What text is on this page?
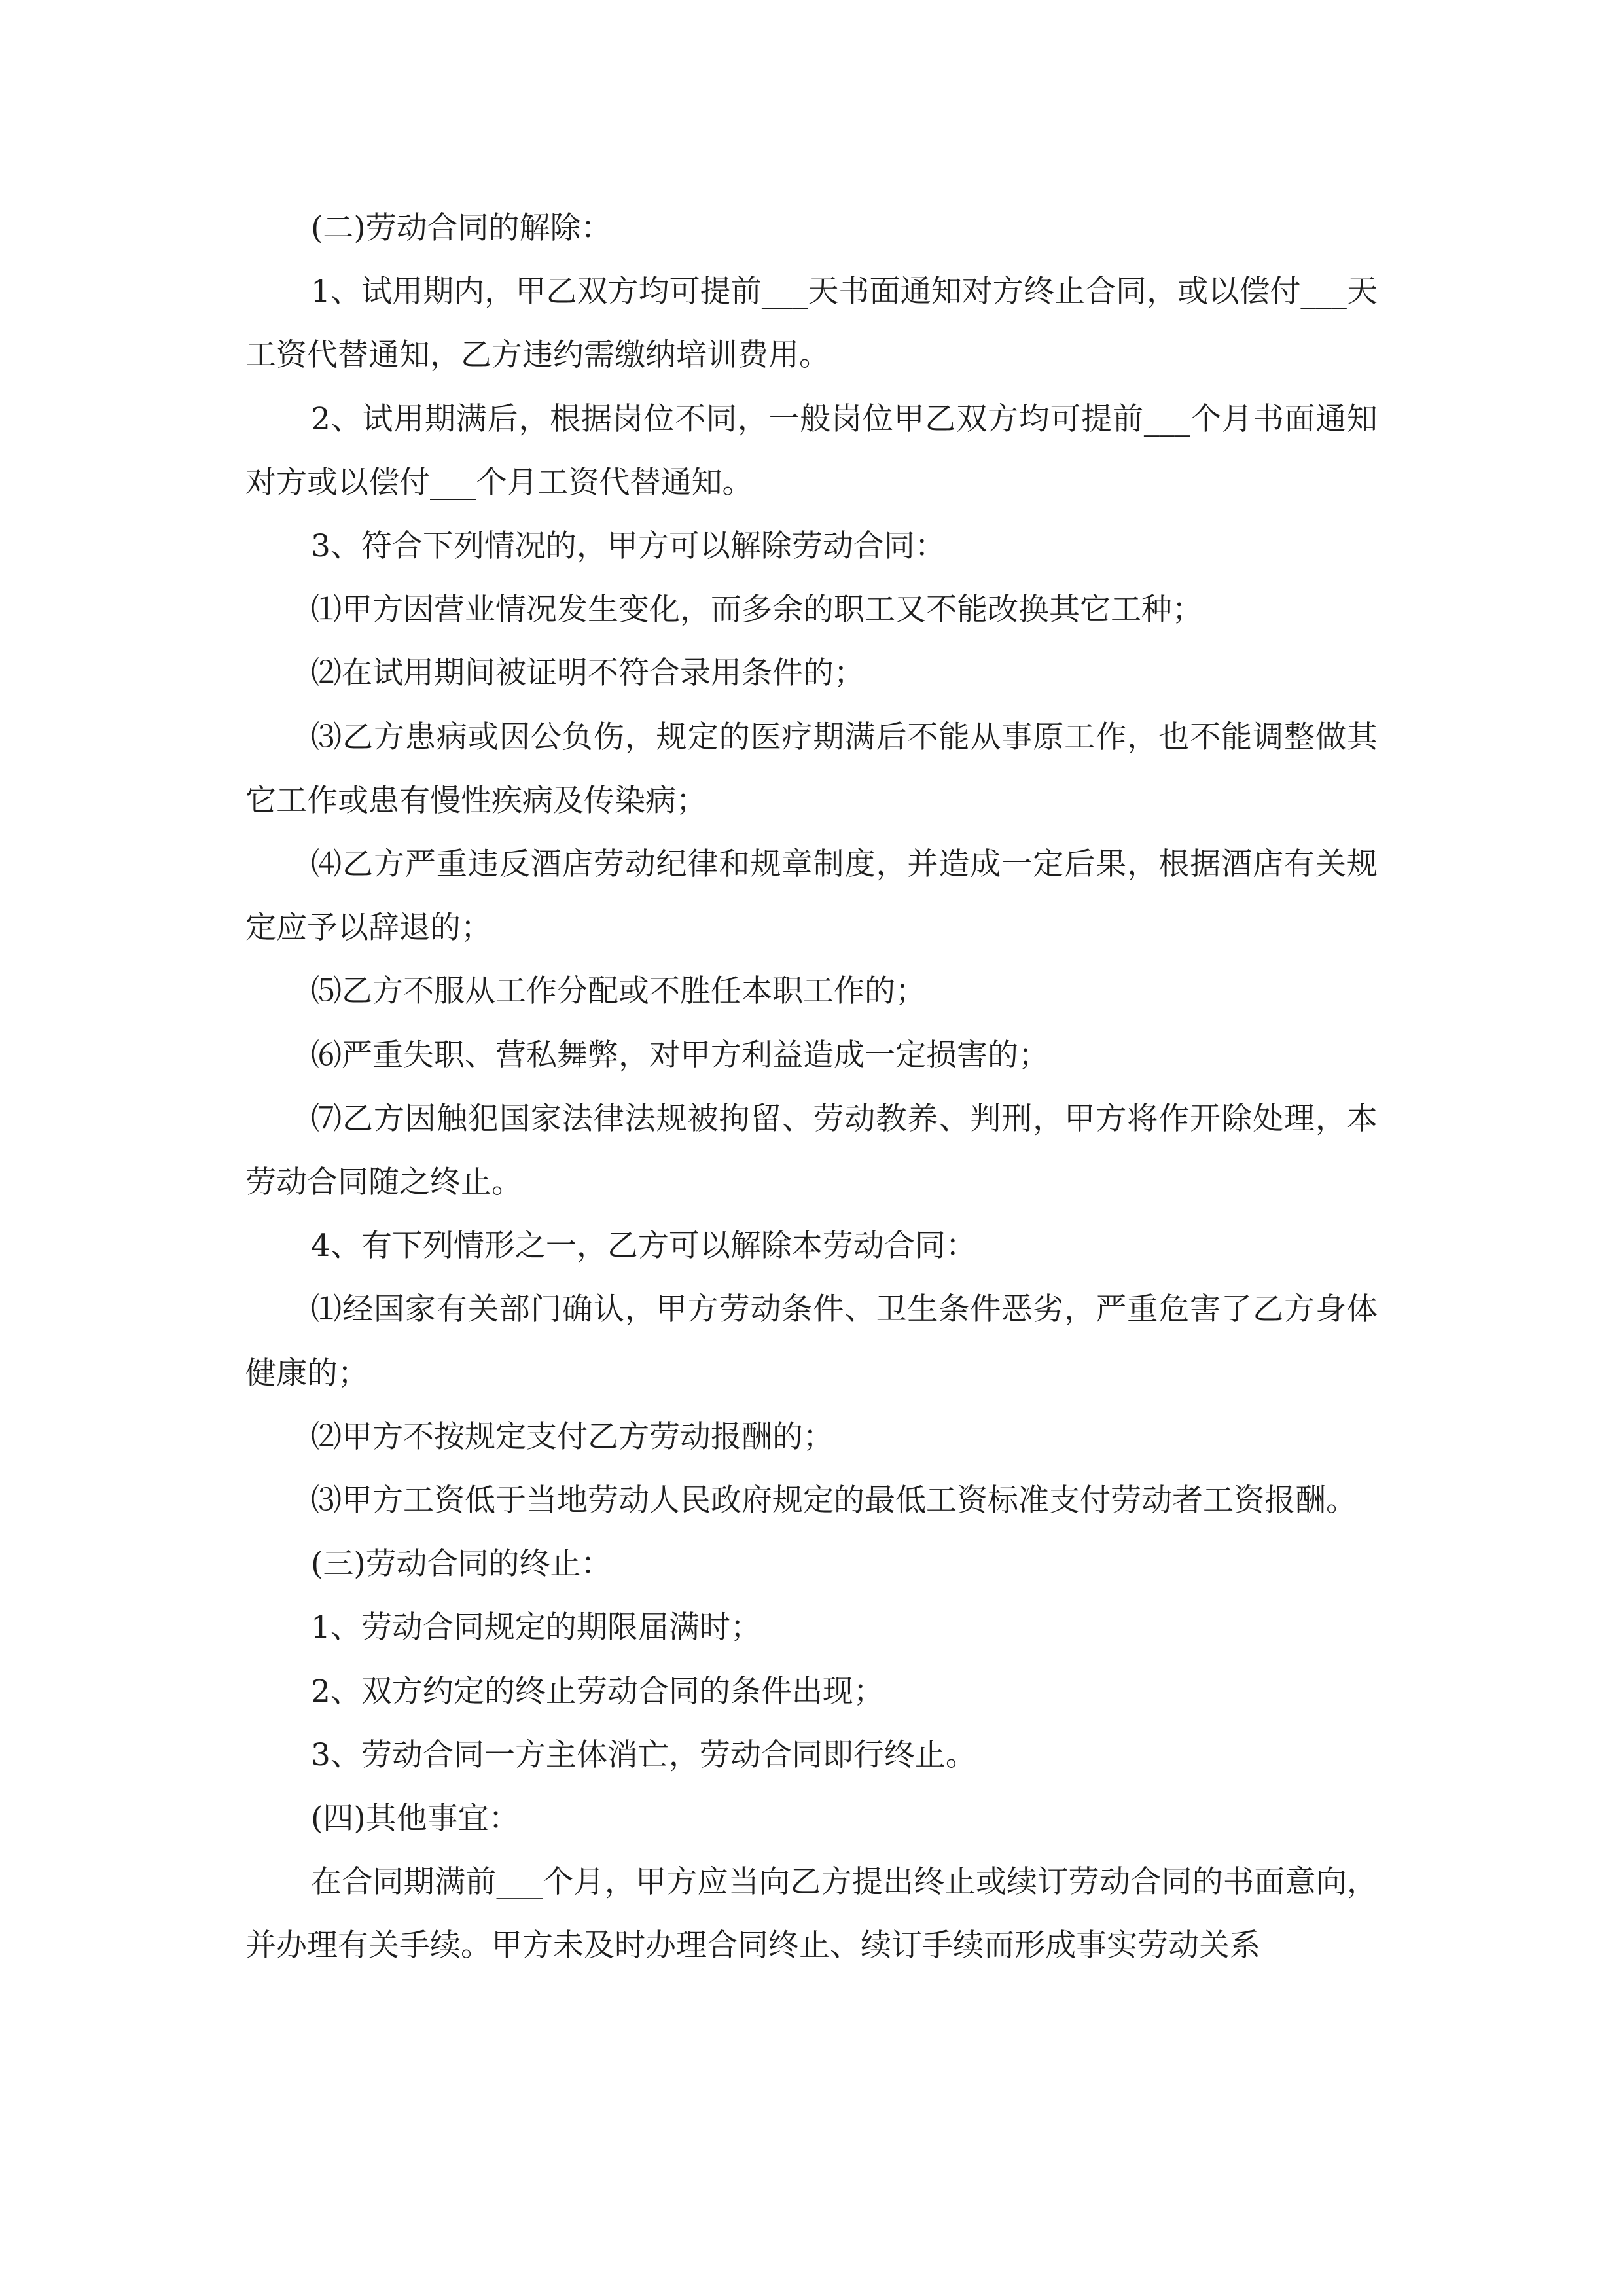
(二)劳动合同的解除：

1、试用期内，甲乙双方均可提前___天书面通知对方终止合同，或以偿付___天工资代替通知，乙方违约需缴纳培训费用。

2、试用期满后，根据岗位不同，一般岗位甲乙双方均可提前___个月书面通知对方或以偿付___个月工资代替通知。

3、符合下列情况的，甲方可以解除劳动合同：

⑴甲方因营业情况发生变化，而多余的职工又不能改换其它工种；

⑵在试用期间被证明不符合录用条件的；

⑶乙方患病或因公负伤，规定的医疗期满后不能从事原工作，也不能调整做其它工作或患有慢性疾病及传染病；

⑷乙方严重违反酒店劳动纪律和规章制度，并造成一定后果，根据酒店有关规定应予以辞退的；

⑸乙方不服从工作分配或不胜任本职工作的；

⑹严重失职、营私舞弊，对甲方利益造成一定损害的；

⑺乙方因触犯国家法律法规被拘留、劳动教养、判刑，甲方将作开除处理，本劳动合同随之终止。

4、有下列情形之一，乙方可以解除本劳动合同：

⑴经国家有关部门确认，甲方劳动条件、卫生条件恶劣，严重危害了乙方身体健康的；

⑵甲方不按规定支付乙方劳动报酬的；

⑶甲方工资低于当地劳动人民政府规定的最低工资标准支付劳动者工资报酬。

(三)劳动合同的终止：

1、劳动合同规定的期限届满时；

2、双方约定的终止劳动合同的条件出现；

3、劳动合同一方主体消亡，劳动合同即行终止。

(四)其他事宜：

在合同期满前___个月，甲方应当向乙方提出终止或续订劳动合同的书面意向，并办理有关手续。甲方未及时办理合同终止、续订手续而形成事实劳动关系
